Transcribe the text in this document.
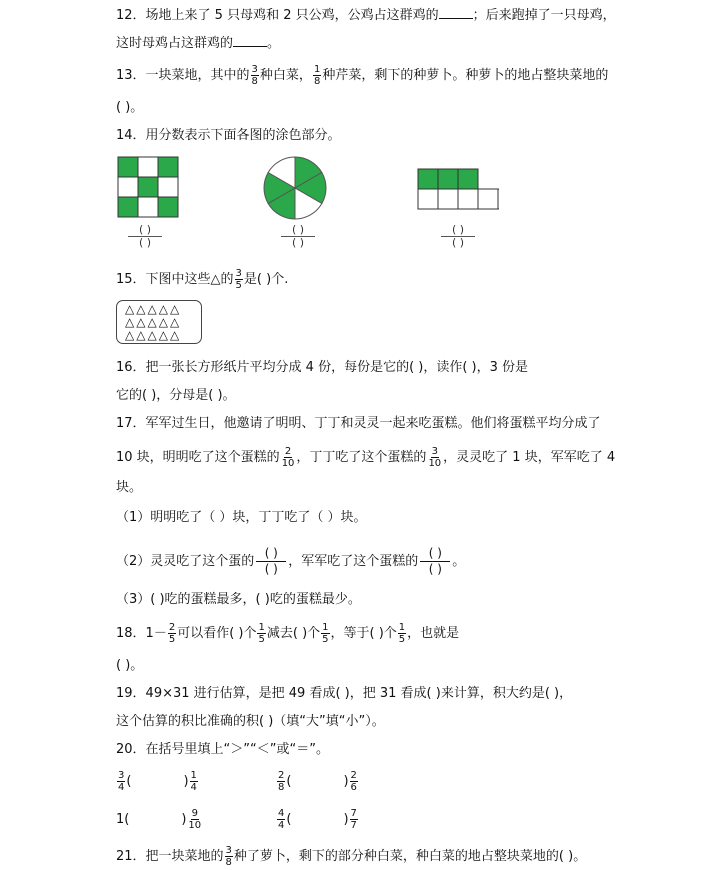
12．场地上来了 5 只母鸡和 2 只公鸡，公鸡占这群鸡的	；后来跑掉了一只母鸡，
这时母鸡占这群鸡的	。
13．一块菜地，其中的 $\frac{3}{8}$ 种白菜， $\frac{1}{8}$ 种芹菜，剩下的种萝卜。种萝卜的地占整块菜地的
( )。
14．用分数表示下面各图的涂色部分。
( )
( )
( )
( )
( )
( )
15．下图中这些△的 $\frac{3}{5}$ 是( )个.
△ △ △ △ △
△ △ △ △ △
△ △ △ △ △
16．把一张长方形纸片平均分成 4 份，每份是它的( )，读作( )，3 份是
它的( )，分母是( )。
17．军军过生日，他邀请了明明、丁丁和灵灵一起来吃蛋糕。他们将蛋糕平均分成了
10 块，明明吃了这个蛋糕的 $\frac{2}{10}$ ，丁丁吃了这个蛋糕的 $\frac{3}{10}$ ，灵灵吃了 1 块，军军吃了 4
块。
（1）明明吃了（ ）块，丁丁吃了（ ）块。
（2）灵灵吃了这个蛋的
( )
( ) ，军军吃了这个蛋糕的
( )
( ) 。
（3）( )吃的蛋糕最多，( )吃的蛋糕最少。
18．$1- \frac{2}{5}$ 可以看作( )个 $\frac{1}{5}$ 减去( )个 $\frac{1}{5}$ ，等于( )个 $\frac{1}{5}$ ，也就是
( )。
19．49×31 进行估算，是把 49 看成( )，把 31 看成( )来计算，积大约是( )，
这个估算的积比准确的积( )（填“大”填“小”）。
20．在括号里填上“＞”“＜”或“＝”。
$\frac{3}{4}$ (	) $\frac{1}{4}$	$\frac{2}{8}$ (	) $\frac{2}{6}$
1(	) $\frac{9}{10}$	$\frac{4}{4}$ (	) $\frac{7}{7}$
21．把一块菜地的 $\frac{3}{8}$ 种了萝卜，剩下的部分种白菜，种白菜的地占整块菜地的( )。
